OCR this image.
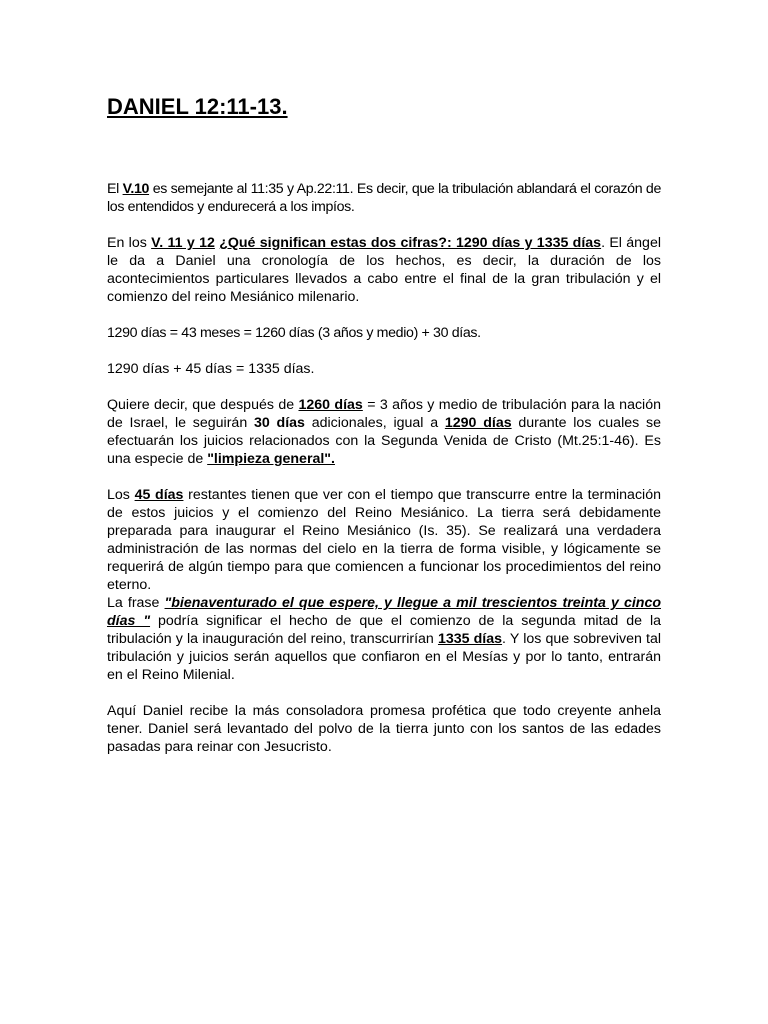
DANIEL 12:11-13.

El V.10 es semejante al 11:35 y Ap.22:11. Es decir, que la tribulación ablandará el corazón de los entendidos y endurecerá a los impíos.

En los V. 11 y 12 ¿Qué significan estas dos cifras?: 1290 días y 1335 días. El ángel le da a Daniel una cronología de los hechos, es decir, la duración de los acontecimientos particulares llevados a cabo entre el final de la gran tribulación y el comienzo del reino Mesiánico milenario.

1290 días = 43 meses = 1260 días (3 años y medio) + 30 días.

1290 días + 45 días = 1335 días.

Quiere decir, que después de 1260 días = 3 años y medio de tribulación para la nación de Israel, le seguirán 30 días adicionales, igual a 1290 días durante los cuales se efectuarán los juicios relacionados con la Segunda Venida de Cristo (Mt.25:1-46). Es una especie de "limpieza general".

Los 45 días restantes tienen que ver con el tiempo que transcurre entre la terminación de estos juicios y el comienzo del Reino Mesiánico. La tierra será debidamente preparada para inaugurar el Reino Mesiánico (Is. 35). Se realizará una verdadera administración de las normas del cielo en la tierra de forma visible, y lógicamente se requerirá de algún tiempo para que comiencen a funcionar los procedimientos del reino eterno.

La frase "bienaventurado el que espere, y llegue a mil trescientos treinta y cinco días " podría significar el hecho de que el comienzo de la segunda mitad de la tribulación y la inauguración del reino, transcurrirían 1335 días. Y los que sobreviven tal tribulación y juicios serán aquellos que confiaron en el Mesías y por lo tanto, entrarán en el Reino Milenial.

Aquí Daniel recibe la más consoladora promesa profética que todo creyente anhela tener. Daniel será levantado del polvo de la tierra junto con los santos de las edades pasadas para reinar con Jesucristo.
